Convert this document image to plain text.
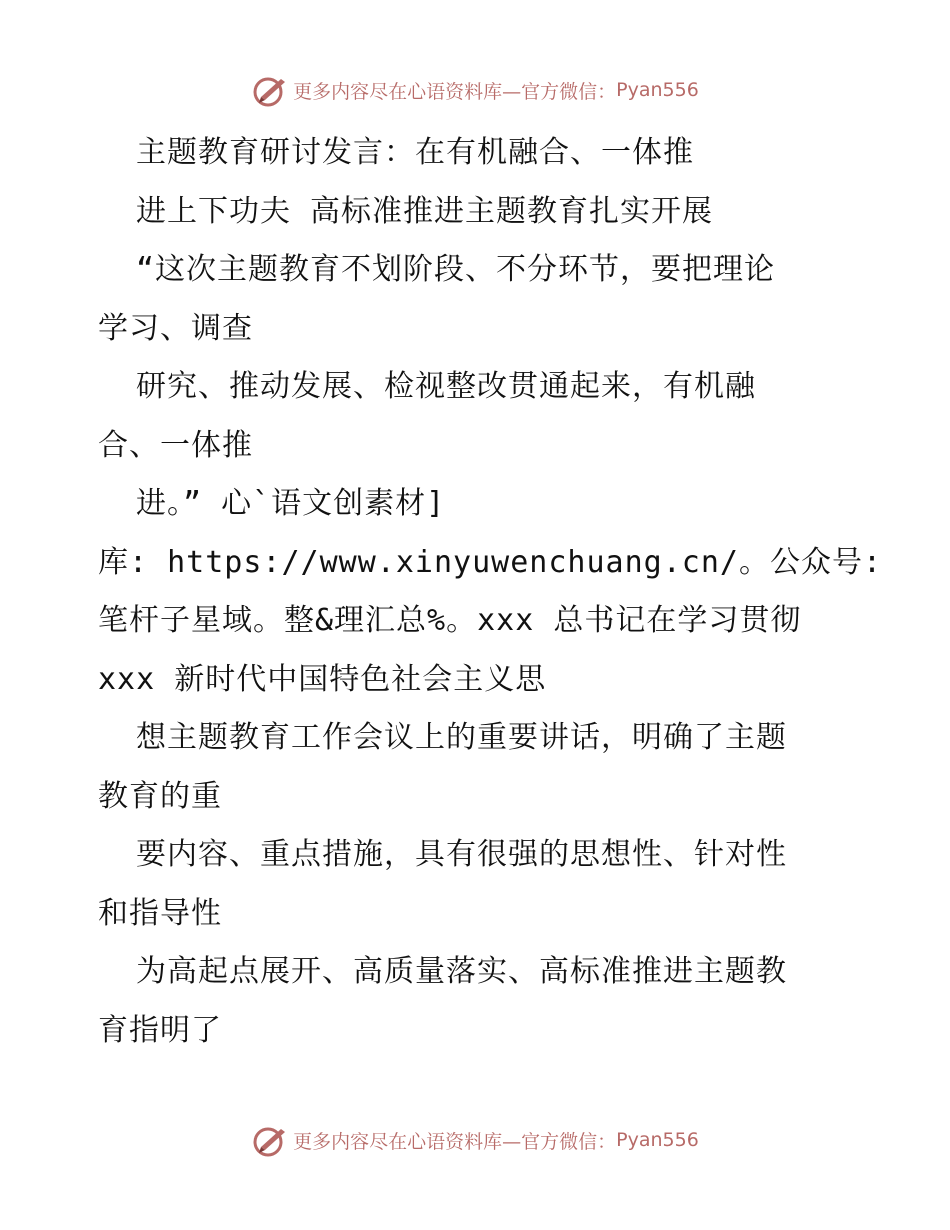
更多内容尽在心语资料库—官方微信： Pyan556
主题教育研讨发言：在有机融合、一体推
进上下功夫 高标准推进主题教育扎实开展
“这次主题教育不划阶段、不分环节，要把理论
学习、调查
研究、推动发展、检视整改贯通起来，有机融
合、一体推
进。” 心`语文创素材]
库: https://www.xinyuwenchuang.cn/。公众号:
笔杆子星域。整&理汇总%。xxx 总书记在学习贯彻
xxx 新时代中国特色社会主义思
想主题教育工作会议上的重要讲话，明确了主题
教育的重
要内容、重点措施，具有很强的思想性、针对性
和指导性
为高起点展开、高质量落实、高标准推进主题教
育指明了
更多内容尽在心语资料库—官方微信： Pyan556
